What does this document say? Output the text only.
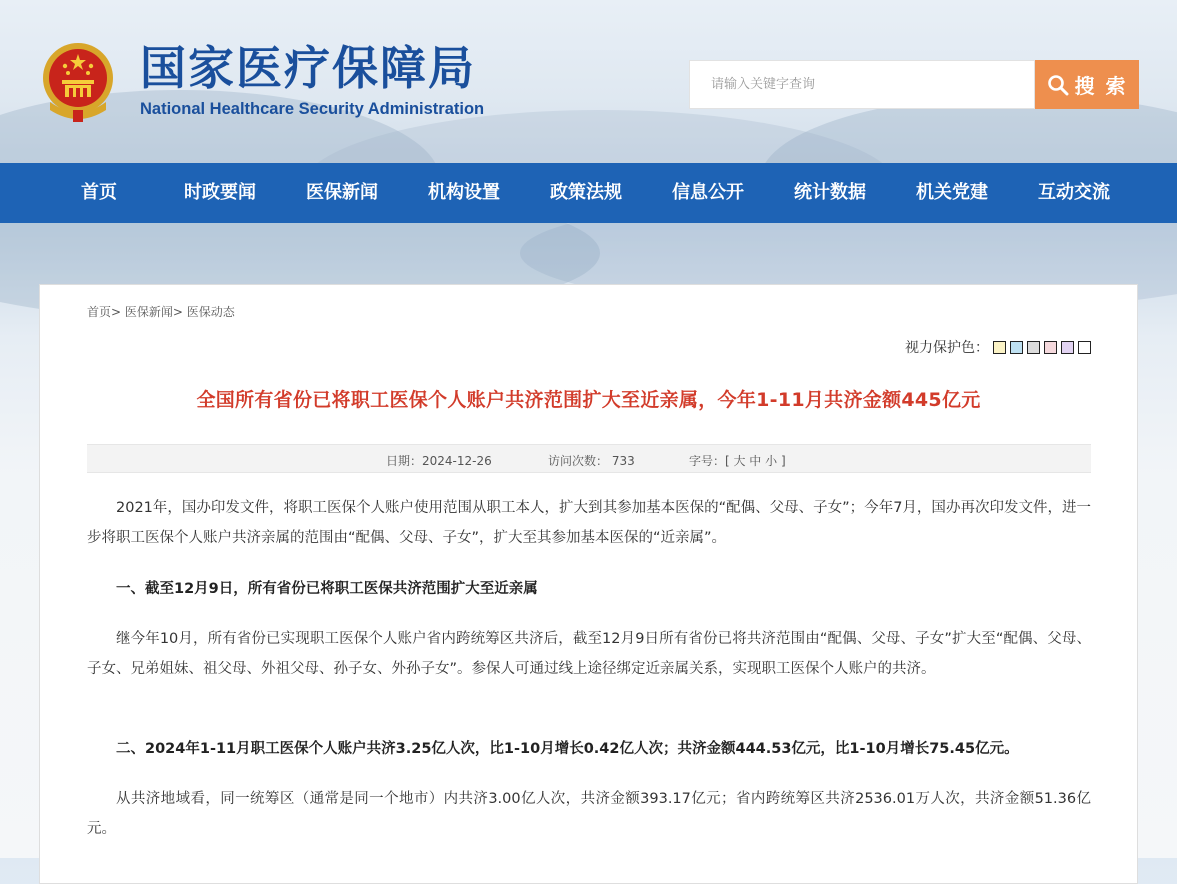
国家医疗保障局
National Healthcare Security Administration
请输入关键字查询
搜 索
首页	时政要闻	医保新闻	机构设置	政策法规	信息公开	统计数据	机关党建	互动交流
首页> 医保新闻> 医保动态
视力保护色：
全国所有省份已将职工医保个人账户共济范围扩大至近亲属，今年1-11月共济金额445亿元
日期：2024-12-26	访问次数： 733	字号：[ 大 中 小 ]
2021年，国办印发文件，将职工医保个人账户使用范围从职工本人，扩大到其参加基本医保的“配偶、父母、子女”；今年7月，国办再次印发文件，进一步将职工医保个人账户共济亲属的范围由“配偶、父母、子女”，扩大至其参加基本医保的“近亲属”。
一、截至12月9日，所有省份已将职工医保共济范围扩大至近亲属
继今年10月，所有省份已实现职工医保个人账户省内跨统筹区共济后，截至12月9日所有省份已将共济范围由“配偶、父母、子女”扩大至“配偶、父母、子女、兄弟姐妹、祖父母、外祖父母、孙子女、外孙子女”。参保人可通过线上途径绑定近亲属关系，实现职工医保个人账户的共济。
二、2024年1-11月职工医保个人账户共济3.25亿人次，比1-10月增长0.42亿人次；共济金额444.53亿元，比1-10月增长75.45亿元。
从共济地域看，同一统筹区（通常是同一个地市）内共济3.00亿人次，共济金额393.17亿元；省内跨统筹区共济2536.01万人次，共济金额51.36亿元。
